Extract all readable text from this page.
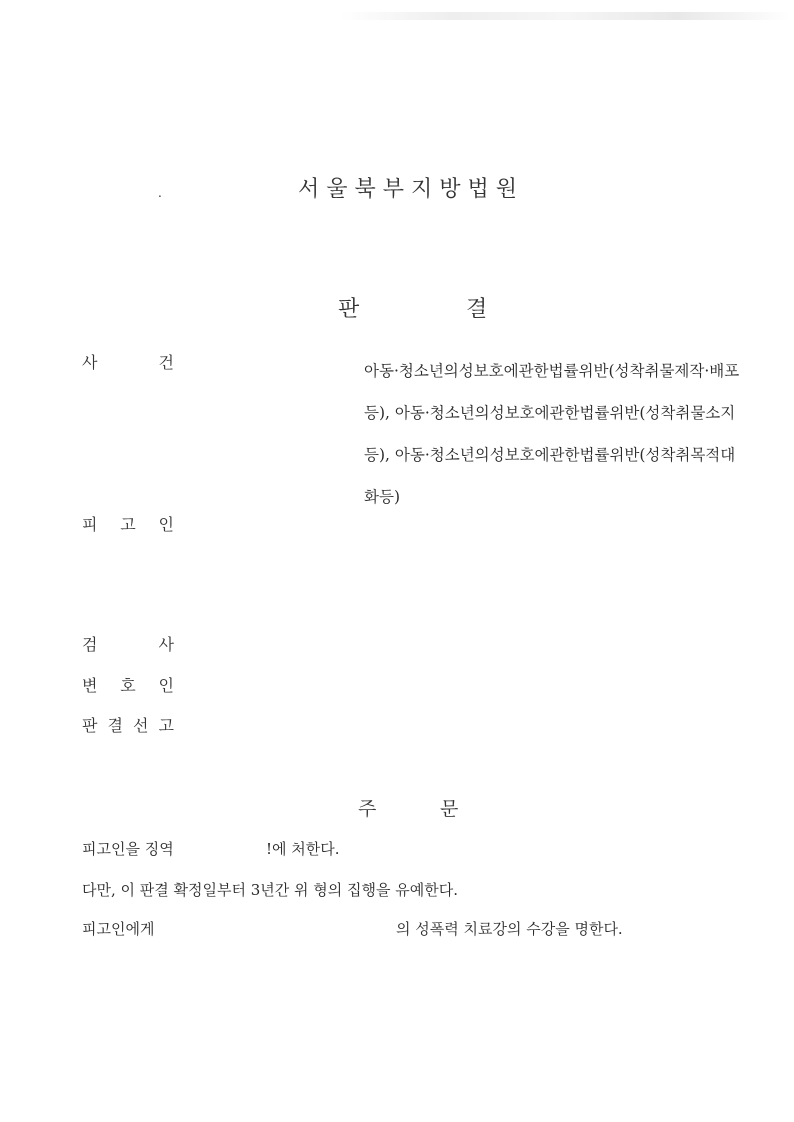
.	서울북부지방법원
판	결
사	건	아동·청소년의성보호에관한법률위반(성착취물제작·배포등), 아동·청소년의성보호에관한법률위반(성착취물소지등), 아동·청소년의성보호에관한법률위반(성착취목적대화등)
피 고 인
검	사
변 호 인
판 결 선 고
주	문
피고인을 징역	!에 처한다.
다만, 이 판결 확정일부터 3년간 위 형의 집행을 유예한다.
피고인에게	의 성폭력 치료강의 수강을 명한다.
